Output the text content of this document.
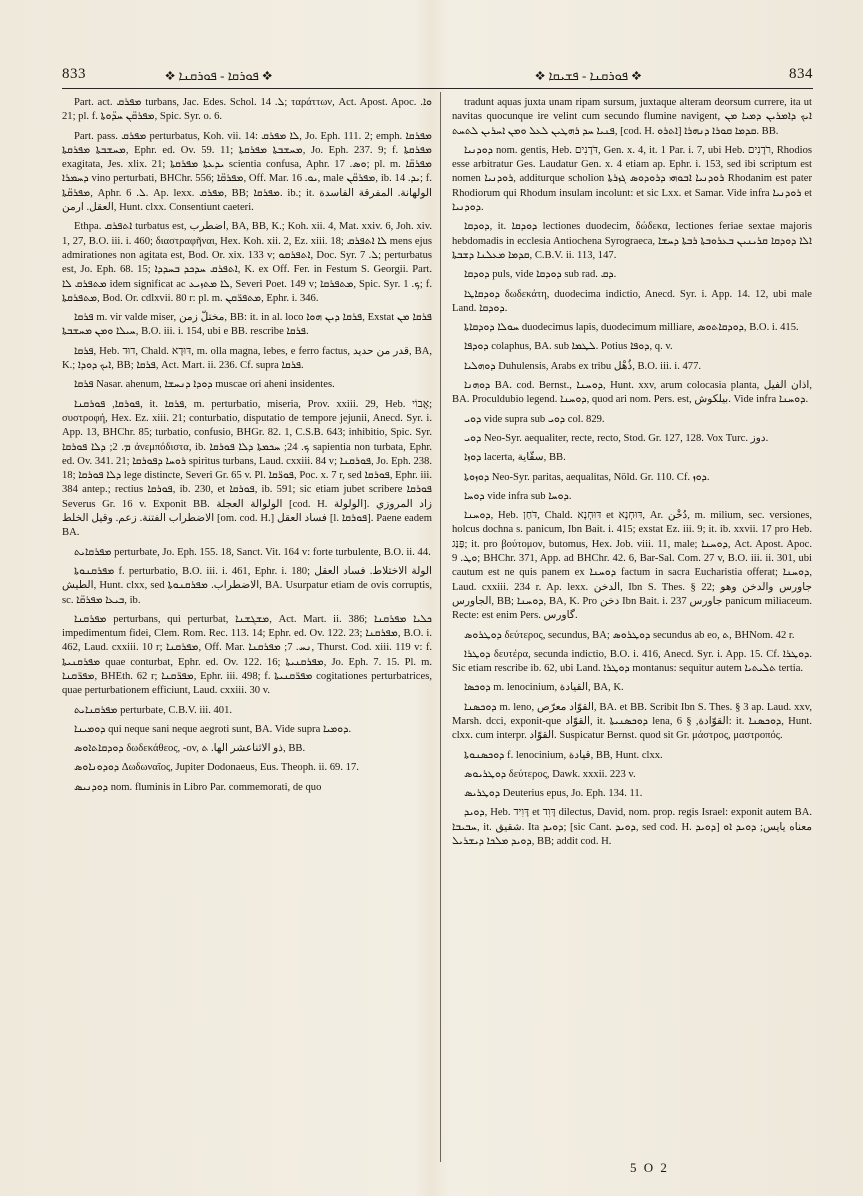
833	❖ ܦܘܪܩܐ - ܦܘܪܩܢܐ ❖	❖ ܦܘܪܩܢܐ - ܦܫܝܩܐ ❖	834

Part. act. ܡܦܪܩ turbans, Jac. Edes. Schol. ܠ. 14; ταράττων, Act. Apost. Apoc. ܘܐ. 21; pl. f. ܡܦܪܩ̈ܢ ܚܕ̈ܘܬܐ, Spic. Syr. o. 6.

Part. pass. ܡܦܪܩ perturbatus, Koh. vii. 14: ܠܐ ܡܦܪܩ, Jo. Eph. 111. 2; emph. ܡܦܪܩܐ ܡܚܫܒܬܐ ܡܦܪܩܬܐ, Ephr. ed. Ov. 59. 11; ܡܚܫܒܬܐ ܡܦܪܩܬܐ, Jo. Eph. 237. 9; f. ܡܦܪܩܬܐ exagitata, Jes. xlix. 21; ܝܕܥܬܐ ܡܦܪܩܬܐ scientia confusa, Aphr. ܘܣ. 17; pl. m. ܡܦܪܩ̈ܐ ܕܚܡܪܐ vino perturbati, BHChr. 556; ܡܦܪܩ̈ܐ, Off. Mar. ܝܘ. 16, male ܡܦܪܩ̈ܢ, ib. ܝܕ. 14; f. ܡܦܪܩ̈ܬܐ, Aphr. ܠ. 6. Ap. lexx. ܡܦܪܩ, BB; ܡܦܪܩܐ. ib.; it. الولهانة. المفرقة الفاسدة العقل. ارمن, Hunt. clxx. Consentiunt caeteri.

Ethpa. ܐܬܦܪܩ turbatus est, اضطرب, BA, BB, K.; Koh. xii. 4, Mat. xxiv. 6, Joh. xiv. 1, 27, B.O. iii. i. 460; διαστραφῆναι, Hex. Koh. xii. 2, Ez. xiii. 18; ܠܐ ܐܬܦܪܩ mens ejus admirationes non agitata est, Bod. Or. xix. 133 v; ܐܬܦܪܩܘ, Doc. Syr. ܠ. 7; perturbatus est, Jo. Eph. 68. 15; ܐܬܦܪܩ ܚܕܟܕ ܒܚܕܕܐ, K. ex Off. Fer. in Festum S. Georgii. Part. ܡܬܦܪܩ ܠܐ idem significat ac ܠܐ ܡܬܙܝܥ, Severi Poet. 149 v; ܡܬܦܪܩܐ, Spic. Syr. ܟ. 1; f. ܡܬܦܪܩܬܐ, Bod. Or. cdlxvii. 80 r: pl. m. ܡܬܦܪ̈ܩܢ, Ephr. i. 346.

ܦܪܩܐ m. vir valde miser, مختلّ زمن, BB: it. in al. loco ܦܪܩܐ ܕܝܢ ܗܘܐ, Exstat ܦܪܩܐ ܡܢ ܚܝܠܐ ܘܡܢ ܡܚܫܒܬܐ, B.O. iii. i. 154, ubi e BB. rescribe ܦܪܩܐ.

ܦܪܩܐ, Heb. דוּד, Chald. דּוּדָא, m. olla magna, lebes, e ferro factus, قدر من حديد, BA, K.; ܐܝܟ ܕܘܕܐ, BB; ܦܪܩܐ, Act. Mart. ii. 236. Cf. supra ܦܪܩܐ.

ܦܪܩܐ Nasar. ahenum, ܕܘܕܐ ܕܢܚܫܐ muscae ori aheni insidentes.

ܦܘܪܩܐ, ܦܘܪܩܢܐ, it. ܦܪܩܐ, m. perturbatio, miseria, Prov. xxiii. 29, Heb. אֲבוֹי; συστροφή, Hex. Ez. xiii. 21; conturbatio, disputatio de tempore jejunii, Anecd. Syr. i. App. 13, BHChr. 85; turbatio, confusio, BHGr. 82. 1, C.S.B. 643; inhibitio, Spic. Syr. ܡ. 2; ܕܠܐ ܦܘܪܩܐ ἀνεμπόδιστα, ib. ܟ. 24; ܚܟܡܬܐ ܕܠܐ ܦܘܪܩܐ sapientia non turbata, Ephr. ed. Ov. 341. 21; ܪܘܚܐ ܕܦܘܪܩܐ spiritus turbans, Laud. cxxiii. 84 v; ܦܘܪܩܢܐ, Jo. Eph. 238. 18; ܕܠܐ ܦܘܪܩܐ lege distincte, Severi Gr. 65 v. Pl. ܦܘܪ̈ܩܐ, Poc. x. 7 r, sed ܦܘܪܩܐ, Ephr. iii. 384 antep.; rectius ܦܘܪܩܐ, ib. 230, et ܦܘܪܩܐ, ib. 591; sic etiam jubet scribere ܦܘܪܩܐ Severus Gr. 16 v. Exponit BB. الولوالة العجلة [cod. H. الولولة]. زاد المروزي الاضطراب الفتنة. زعم. وقيل الخلط [om. cod. H.] فساد العقل [l. ܦܘܪܩܐ]. Paene eadem BA.

ܡܦܪܩܐܝܬ perturbate, Jo. Eph. 155. 18, Sanct. Vit. 164 v: forte turbulente, B.O. ii. 44.

ܡܦܪܩܢܘܬܐ f. perturbatio, B.O. iii. i. 461, Ephr. i. 180; الولة الاختلاط. فساد العقل الطيش, Hunt. clxx, sed الاضطراب. ܡܦܪܩܢܘܬܐ, BA. Usurpatur etiam de ovis corruptis, sc. ܒܝܥܐ ܡܦܪܩ̈ܐ, ib.

ܡܦܪܩܢܐ perturbans, qui perturbat, ܡܫܓܫܢܐ, Act. Mart. ii. 386; ܟܠܝܐ ܡܦܪܩܢܐ impedimentum fidei, Clem. Rom. Rec. 113. 14; Ephr. ed. Ov. 122. 23; ܡܦܪܩܢܐ, B.O. i. 462, Laud. cxxiii. 10 r; ܡܦܪܩܢܐ, Off. Mar. ܢܚ. 7; ܡܦܪܩܢܐ, Thurst. Cod. xiii. 119 v: f. ܡܦܪܩܢܝܬܐ quae conturbat, Ephr. ed. Ov. 122. 16; ܡܦܪܩܢܝܬܐ, Jo. Eph. 7. 15. Pl. m. ܡܦܪ̈ܩܢܐ, BHEth. 62 r; ܡܦܪ̈ܩܢܐ, Ephr. iii. 498; f. ܡܦܪ̈ܩܢܝܬܐ cogitationes perturbatrices, quae perturbationem efficiunt, Laud. cxxiii. 30 v.

ܡܦܪܩܢܐܝܬ perturbate, C.B.V. iii. 401.

ܕܘܡܝܢܐ qui neque sani neque aegroti sunt, BA. Vide supra ܕܘܡܝܐ.

ܕܘܕܩܐܬܐܘܣ δωδεκάθεος, -ov, ذو الاثناعشر الها. ܬ, BB.

ܕܘܕܘܢܐܘܣ Δωδωναῖος, Jupiter Dodonaeus, Eus. Theoph. ii. 69. 17.

ܕܘܕܢܝܣ nom. fluminis in Libro Par. commemorati, de quo

tradunt aquas juxta unam ripam sursum, juxtaque alteram deorsum currere, ita ut navitas quocunque ire velint cum secundo flumine navigent, ܐܝܟ ܕܐܡܪܝܢ ܕܡܝܐ ܡܢ ܦܢܝܐ ܚܕ ܪܗܛܝܢ ܠܥܠ ܘܡܢ ܐܚܪܝܢ ܠܬܚܬ, [cod. H. ܐܬܪܘ] ܩܕܡܐ ܩܘܪܐ ܕܢܗܪܐ. BB.

ܕܘܕܢܝܐ nom. gentis, Heb. דֹּדָנִים, Gen. x. 4, it. 1 Par. i. 7, ubi Heb. רֹדָנִים, Rhodios esse arbitratur Ges. Laudatur Gen. x. 4 etiam ap. Ephr. i. 153, sed ibi scriptum est nomen ܪܘܕܢܝܐ, additurque scholion ܪܘܕܢܝܐ ܐܒܘܗܝ ܕܪܘܕܘܣ ܓܙܪܬܐ Rhodanim est pater Rhodiorum qui Rhodum insulam incolunt: et sic Lxx. et Samar. Vide infra ܪܘܕܢܝܐ et ܕܘܕܢܝܐ.

ܕܘܕܩܐ, it. ܕܘܕܩܐ lectiones duodecim, δώδεκα, lectiones feriae sextae majoris hebdomadis in ecclesia Antiochena Syrograeca, ܐܠܐ ܕܘܕܩܐ ܩܪܝܢܝܢ ܒܥܪܘܒܬܐ ܪܒܬܐ ܕܚܫܐ ܩܕܡܐ ܡܥܠܢܐ ܕܫܒܬܐ, C.B.V. ii. 113, 147.

ܕܘܕܩܐ puls, vide ܕܘܕܩܐ sub rad. ܕܩ.

ܕܘܕܩܐܛܐ δωδεκάτη, duodecima indictio, Anecd. Syr. i. App. 14. 12, ubi male Land. ܕܘܕܩܐ.

ܚܘܠܐ ܕܘܕܩܐܬܐ duodecimus lapis, duodecimum milliare, ܕܘܕܩܐܬܘܣ, B.O. i. 415.

ܕܘܕܦܐ colaphus, BA. sub ܠܛܡܐ. Potius ܕܘܦܐ, q. v.

ܕܘܗܠܝܐ Duhulensis, Arabs ex tribu ذُهْل, B.O. iii. i. 477.

ܕܘܗܢܐ BA. cod. Bernst., ܕܘܚܢܐ, Hunt. xxv, arum colocasia planta, اذان الفيل, BA. Proculdubio legend. ܕܘܚܢܐ, quod ari nom. Pers. est, بيلكوش. Vide infra ܕܘܚܢܐ.

ܕܘܝ vide supra sub ܕܘܝ col. 829.

ܕܘܝ Neo-Syr. aequaliter, recte, recto, Stod. Gr. 127, 128. Vox Turc. دوز.

ܕܘܙܐ lacerta, سقّاية, BB.

ܕܘܙܘܬܐ Neo-Syr. paritas, aequalitas, Nöld. Gr. 110. Cf. ܕܘܙ.

ܕܘܚܐ vide infra sub ܕܘܚܐ.

ܕܘܚܢܐ, Heb. דֹּחַן, Chald. דּוּחְנָא et דּוּחְנָא, Ar. دُخْن, m. milium, sec. versiones, holcus dochna s. panicum, Ibn Bait. i. 415; exstat Ez. iii. 9; it. ib. xxvii. 17 pro Heb. פַּנַּג; it. pro βούτομον, butomus, Hex. Job. viii. 11, male; ܕܘܚܢܐ, Act. Apost. Apoc. ܘܛ. 9; BHChr. 371, App. ad BHChr. 42. 6, Bar-Sal. Com. 27 v, B.O. iii. ii. 301, ubi cautum est ne quis panem ex ܕܘܚܢܐ factum in sacra Eucharistia offerat; ܕܘܚܢܐ, Laud. cxxiii. 234 r. Ap. lexx. الدخن, Ibn S. Thes. § 22; جاورس والدخن وهو الجاورس, BB; ܕܘܚܢܐ, BA, K. Pro دخن Ibn Bait. i. 237 جاورس panicum miliaceum. Recte: est enim Pers. گاورس.

ܕܘܛܪܘܣ δεύτερος, secundus, BA; ܕܘܛܪܘܣ secundus ab eo, ܬ, BHNom. 42 r.

ܕܘܛܪܐ δευτέρα, secunda indictio, B.O. i. 416, Anecd. Syr. i. App. 15. Cf. ܕܘܛܪܐ. Sic etiam rescribe ib. 62, ubi Land. ܕܘܛܪܐ montanus: sequitur autem ܬܠܝܬܝܐ tertia.

ܕܘܟܣܐ m. lenocinium, القيادة, BA, K.

ܕܘܟܣܢܐ m. leno, القوّاد معرّص, BA. et BB. Scribit Ibn S. Thes. § 3 ap. Laud. xxv, Marsh. dcci, exponit-que القوّاد, it. ܕܘܟܣܢܝܬܐ lena, القوّادة, § 6: it. ܕܘܟܣܢܐ, Hunt. clxx. cum interpr. القوّاد. Suspicatur Bernst. quod sit Gr. μάστρος, μαστροπός.

ܕܘܟܣܢܘܬܐ f. lenocinium, قيادة, BB, Hunt. clxx.

ܕܘܛܪܝܘܣ δεύτερος, Dawk. xxxii. 223 v.

ܕܘܛܪܝܣ Deuterius epus, Jo. Eph. 134. 11.

ܕܘܝܕ, Heb. דָּוִיד et דָּוִד dilectus, David, nom. prop. regis Israel: exponit autem BA. ܚܒܝܒܐ, it. شقيق. Ita ܕܘܝܕ; [sic Cant. ܕܘܝܕ, sed cod. H. ܕܘܝܕ] معناه يايس; ܕܘܝܕ ܐܘ ܕܘܝܕ ܡܠܟܐ ܕܝܫܪܝܠ, BB; addit cod. H.

5 O 2
